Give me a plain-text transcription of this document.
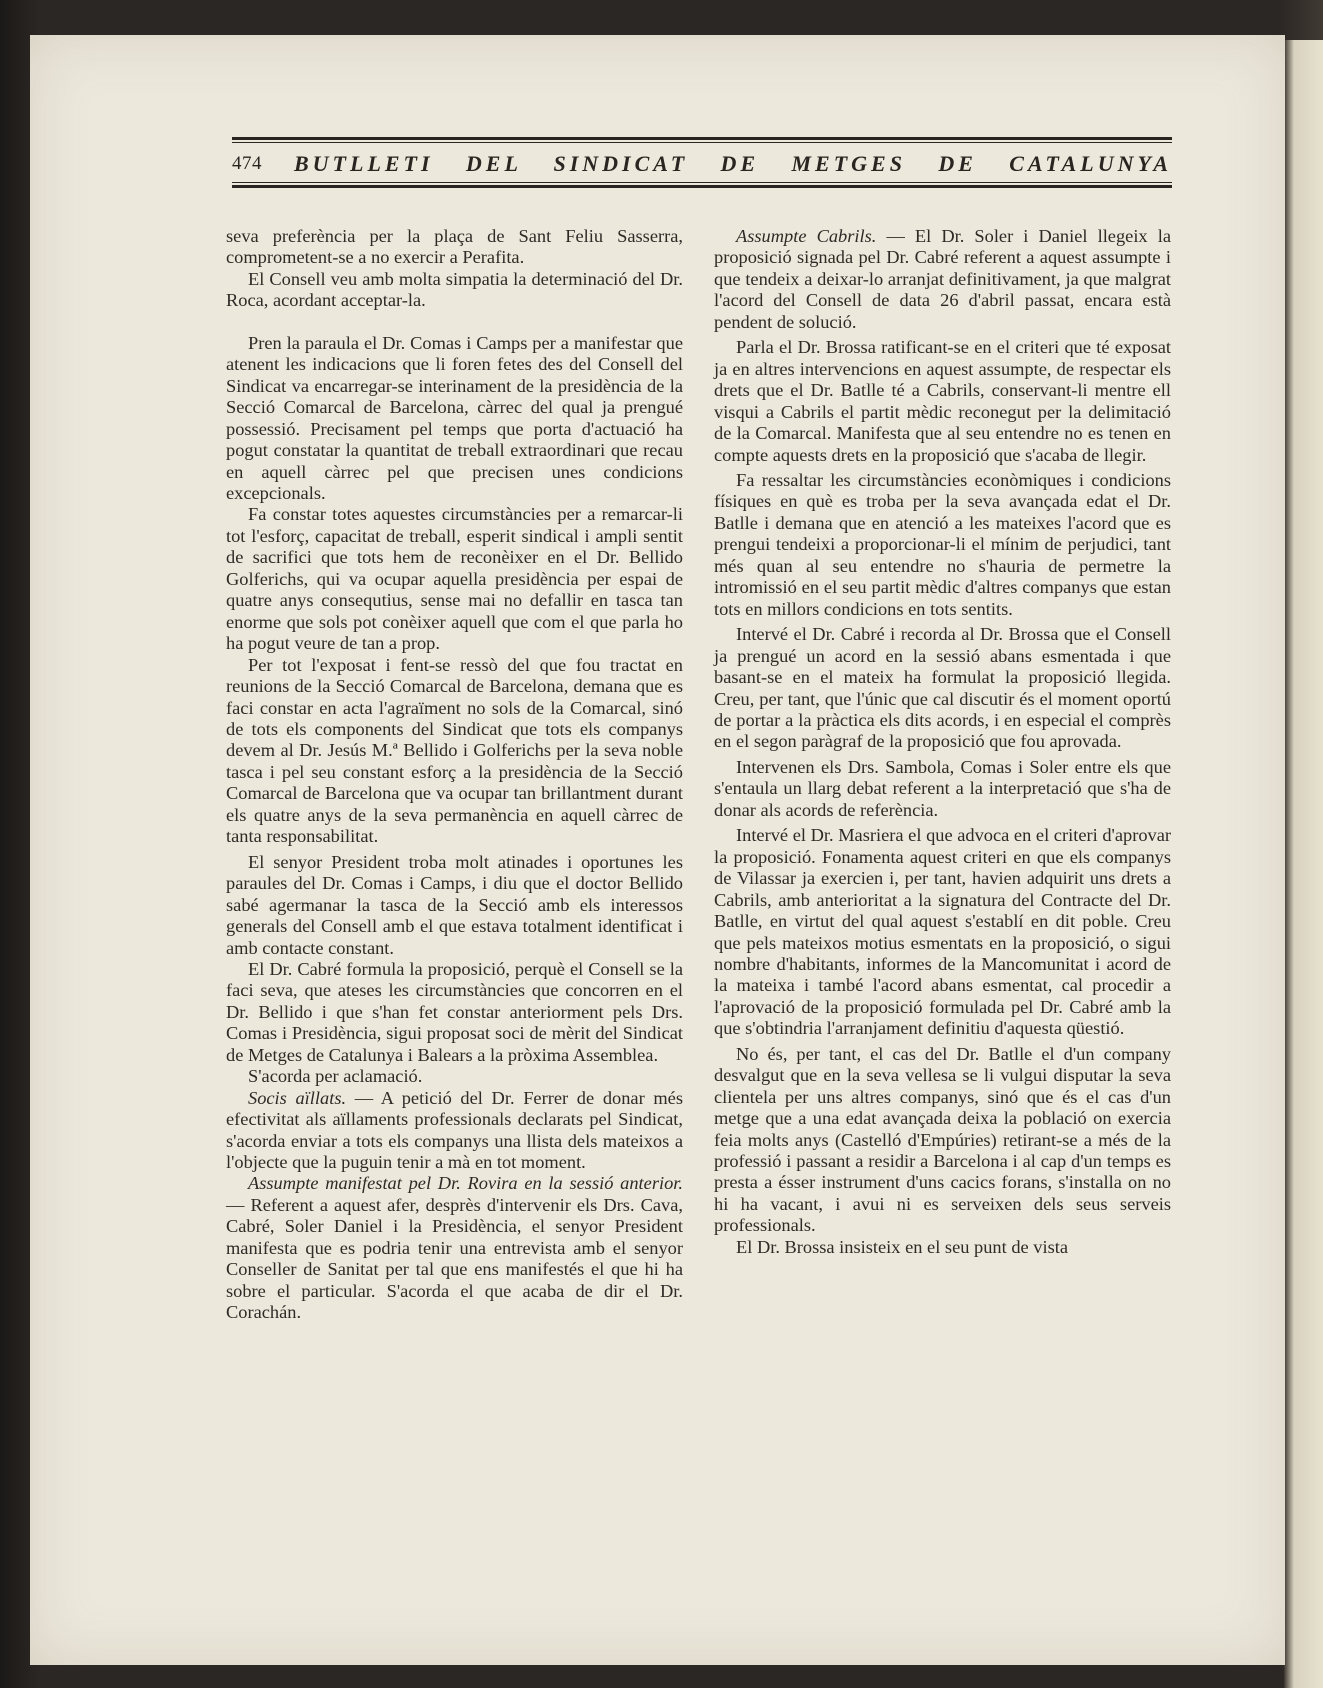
474	BUTLLETI DEL SINDICAT DE METGES DE CATALUNYA

seva preferència per la plaça de Sant Feliu Sasserra, comprometent-se a no exercir a Perafita.

El Consell veu amb molta simpatia la determinació del Dr. Roca, acordant acceptar-la.

Pren la paraula el Dr. Comas i Camps per a manifestar que atenent les indicacions que li foren fetes des del Consell del Sindicat va encarregar-se interinament de la presidència de la Secció Comarcal de Barcelona, càrrec del qual ja prengué possessió. Precisament pel temps que porta d'actuació ha pogut constatar la quantitat de treball extraordinari que recau en aquell càrrec pel que precisen unes condicions excepcionals.

Fa constar totes aquestes circumstàncies per a remarcar-li tot l'esforç, capacitat de treball, esperit sindical i ampli sentit de sacrifici que tots hem de reconèixer en el Dr. Bellido Golferichs, qui va ocupar aquella presidència per espai de quatre anys consequtius, sense mai no defallir en tasca tan enorme que sols pot conèixer aquell que com el que parla ho ha pogut veure de tan a prop.

Per tot l'exposat i fent-se ressò del que fou tractat en reunions de la Secció Comarcal de Barcelona, demana que es faci constar en acta l'agraïment no sols de la Comarcal, sinó de tots els components del Sindicat que tots els companys devem al Dr. Jesús M.ª Bellido i Golferichs per la seva noble tasca i pel seu constant esforç a la presidència de la Secció Comarcal de Barcelona que va ocupar tan brillantment durant els quatre anys de la seva permanència en aquell càrrec de tanta responsabilitat.

El senyor President troba molt atinades i oportunes les paraules del Dr. Comas i Camps, i diu que el doctor Bellido sabé agermanar la tasca de la Secció amb els interessos generals del Consell amb el que estava totalment identificat i amb contacte constant.

El Dr. Cabré formula la proposició, perquè el Consell se la faci seva, que ateses les circumstàncies que concorren en el Dr. Bellido i que s'han fet constar anteriorment pels Drs. Comas i Presidència, sigui proposat soci de mèrit del Sindicat de Metges de Catalunya i Balears a la pròxima Assemblea.

S'acorda per aclamació.

Socis aïllats. — A petició del Dr. Ferrer de donar més efectivitat als aïllaments professionals declarats pel Sindicat, s'acorda enviar a tots els companys una llista dels mateixos a l'objecte que la puguin tenir a mà en tot moment.

Assumpte manifestat pel Dr. Rovira en la sessió anterior. — Referent a aquest afer, desprès d'intervenir els Drs. Cava, Cabré, Soler Daniel i la Presidència, el senyor President manifesta que es podria tenir una entrevista amb el senyor Conseller de Sanitat per tal que ens manifestés el que hi ha sobre el particular. S'acorda el que acaba de dir el Dr. Corachán.

Assumpte Cabrils. — El Dr. Soler i Daniel llegeix la proposició signada pel Dr. Cabré referent a aquest assumpte i que tendeix a deixar-lo arranjat definitivament, ja que malgrat l'acord del Consell de data 26 d'abril passat, encara està pendent de solució.

Parla el Dr. Brossa ratificant-se en el criteri que té exposat ja en altres intervencions en aquest assumpte, de respectar els drets que el Dr. Batlle té a Cabrils, conservant-li mentre ell visqui a Cabrils el partit mèdic reconegut per la delimitació de la Comarcal. Manifesta que al seu entendre no es tenen en compte aquests drets en la proposició que s'acaba de llegir.

Fa ressaltar les circumstàncies econòmiques i condicions físiques en què es troba per la seva avançada edat el Dr. Batlle i demana que en atenció a les mateixes l'acord que es prengui tendeixi a proporcionar-li el mínim de perjudici, tant més quan al seu entendre no s'hauria de permetre la intromissió en el seu partit mèdic d'altres companys que estan tots en millors condicions en tots sentits.

Intervé el Dr. Cabré i recorda al Dr. Brossa que el Consell ja prengué un acord en la sessió abans esmentada i que basant-se en el mateix ha formulat la proposició llegida. Creu, per tant, que l'únic que cal discutir és el moment oportú de portar a la pràctica els dits acords, i en especial el comprès en el segon paràgraf de la proposició que fou aprovada.

Intervenen els Drs. Sambola, Comas i Soler entre els que s'entaula un llarg debat referent a la interpretació que s'ha de donar als acords de referència.

Intervé el Dr. Masriera el que advoca en el criteri d'aprovar la proposició. Fonamenta aquest criteri en que els companys de Vilassar ja exercien i, per tant, havien adquirit uns drets a Cabrils, amb anterioritat a la signatura del Contracte del Dr. Batlle, en virtut del qual aquest s'establí en dit poble. Creu que pels mateixos motius esmentats en la proposició, o sigui nombre d'habitants, informes de la Mancomunitat i acord de la mateixa i també l'acord abans esmentat, cal procedir a l'aprovació de la proposició formulada pel Dr. Cabré amb la que s'obtindria l'arranjament definitiu d'aquesta qüestió.

No és, per tant, el cas del Dr. Batlle el d'un company desvalgut que en la seva vellesa se li vulgui disputar la seva clientela per uns altres companys, sinó que és el cas d'un metge que a una edat avançada deixa la població on exercia feia molts anys (Castelló d'Empúries) retirant-se a més de la professió i passant a residir a Barcelona i al cap d'un temps es presta a ésser instrument d'uns cacics forans, s'installa on no hi ha vacant, i avui ni es serveixen dels seus serveis professionals.

El Dr. Brossa insisteix en el seu punt de vista
